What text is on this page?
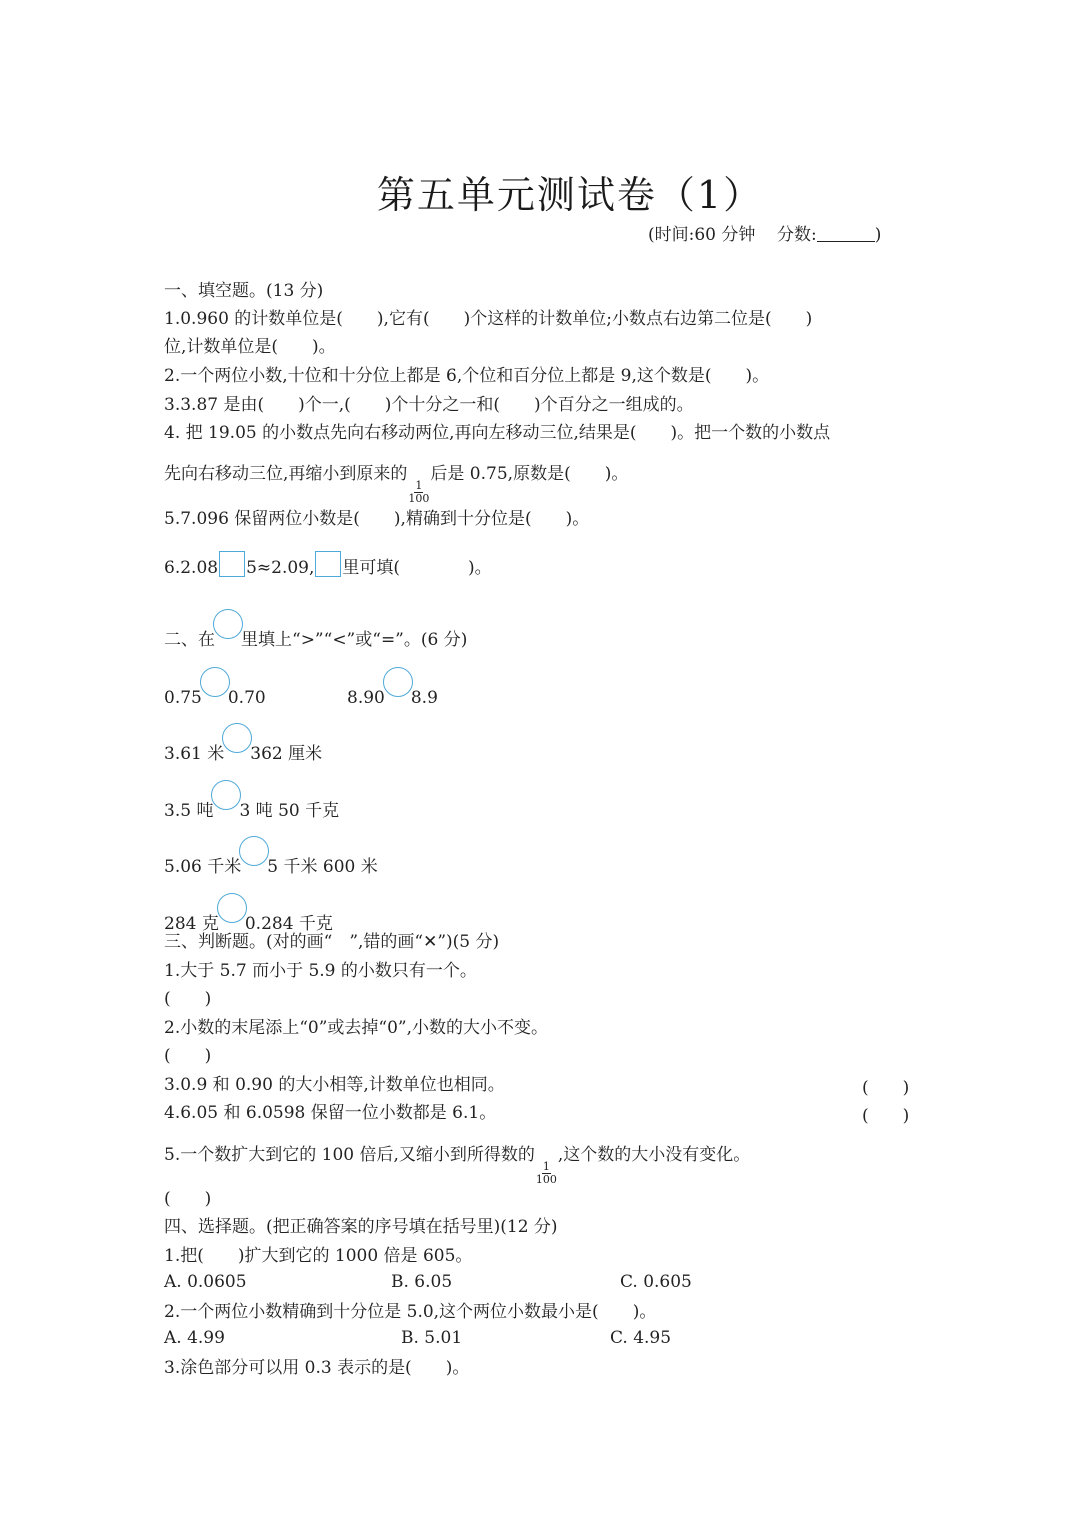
第五单元测试卷（1）
(时间:60 分钟 分数:	)
一、填空题。(13 分)
1.0.960 的计数单位是(　　),它有(　　)个这样的计数单位;小数点右边第二位是(　　)
位,计数单位是(　　)。
2.一个两位小数,十位和十分位上都是 6,个位和百分位上都是 9,这个数是(　　)。
3.3.87 是由(　　)个一,(　　)个十分之一和(　　)个百分之一组成的。
4. 把 19.05 的小数点先向右移动两位,再向左移动三位,结果是(　　)。把一个数的小数点
先向右移动三位,再缩小到原来的
$\frac{1}{100}$
后是 0.75,原数是(　　)。
5.7.096 保留两位小数是(　　),精确到十分位是(　　)。
6.2.08 5≈2.09, 里可填(　　　　)。
二、在 里填上“>”“<”或“=”。(6 分)
0.75 0.70	8.90 8.9
3.61 米 362 厘米
3.5 吨 3 吨 50 千克
5.06 千米 5 千米 600 米
284 克 0.284 千克
三、判断题。(对的画“　”,错的画“✕”)(5 分)
1.大于 5.7 而小于 5.9 的小数只有一个。
(　　)
2.小数的末尾添上“0”或去掉“0”,小数的大小不变。
(　　)
3.0.9 和 0.90 的大小相等,计数单位也相同。	(　　)
4.6.05 和 6.0598 保留一位小数都是 6.1。	(　　)
5.一个数扩大到它的 100 倍后,又缩小到所得数的
$\frac{1}{100}$
,这个数的大小没有变化。
(　　)
四、选择题。(把正确答案的序号填在括号里)(12 分)
1.把(　　)扩大到它的 1000 倍是 605。
A. 0.0605	B. 6.05	C. 0.605
2.一个两位小数精确到十分位是 5.0,这个两位小数最小是(　　)。
A. 4.99	B. 5.01	C. 4.95
3.涂色部分可以用 0.3 表示的是(　　)。
